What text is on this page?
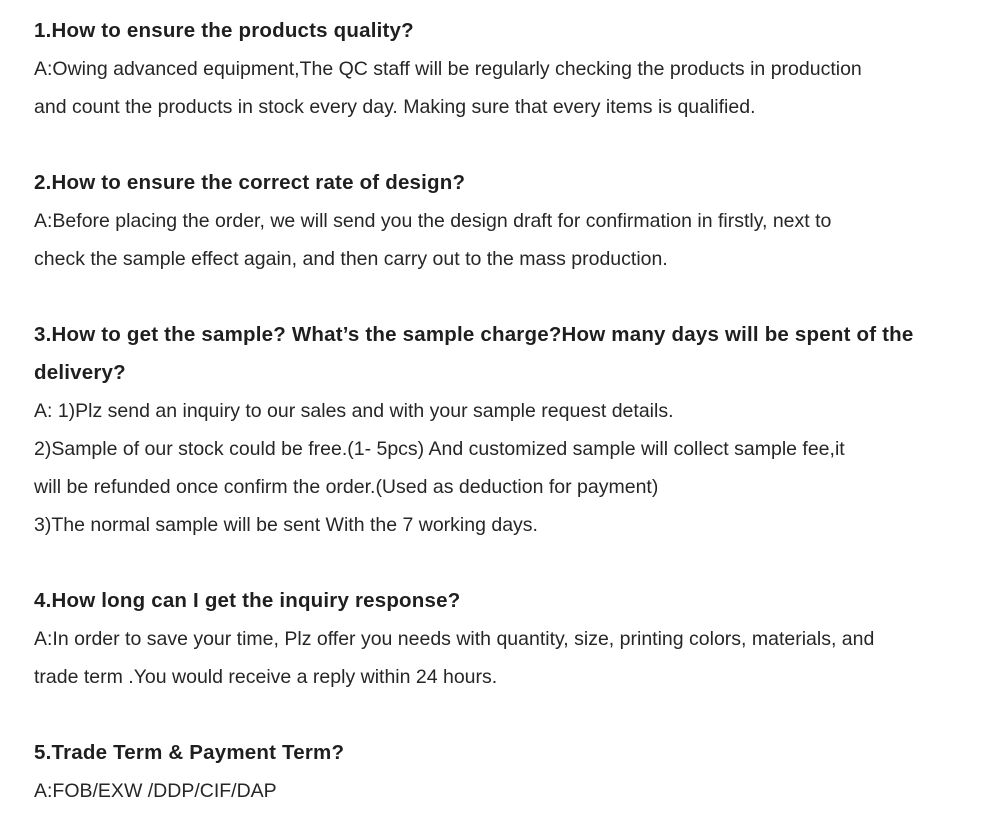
1.How to ensure the products quality?

A:Owing advanced equipment,The QC staff will be regularly checking the products in production

and count the products in stock every day. Making sure that every items is qualified.

2.How to ensure the correct rate of design?

A:Before placing the order, we will send you the design draft for confirmation in firstly, next to

check the sample effect again, and then carry out to the mass production.

3.How to get the sample? What’s the sample charge?How many days will be spent of the

delivery?

A: 1)Plz send an inquiry to our sales and with your sample request details.

2)Sample of our stock could be free.(1- 5pcs) And customized sample will collect sample fee,it

will be refunded once confirm the order.(Used as deduction for payment)

3)The normal sample will be sent With the 7 working days.

4.How long can I get the inquiry response?

A:In order to save your time, Plz offer you needs with quantity, size, printing colors, materials, and

trade term .You would receive a reply within 24 hours.

5.Trade Term & Payment Term?

A:FOB/EXW /DDP/CIF/DAP
